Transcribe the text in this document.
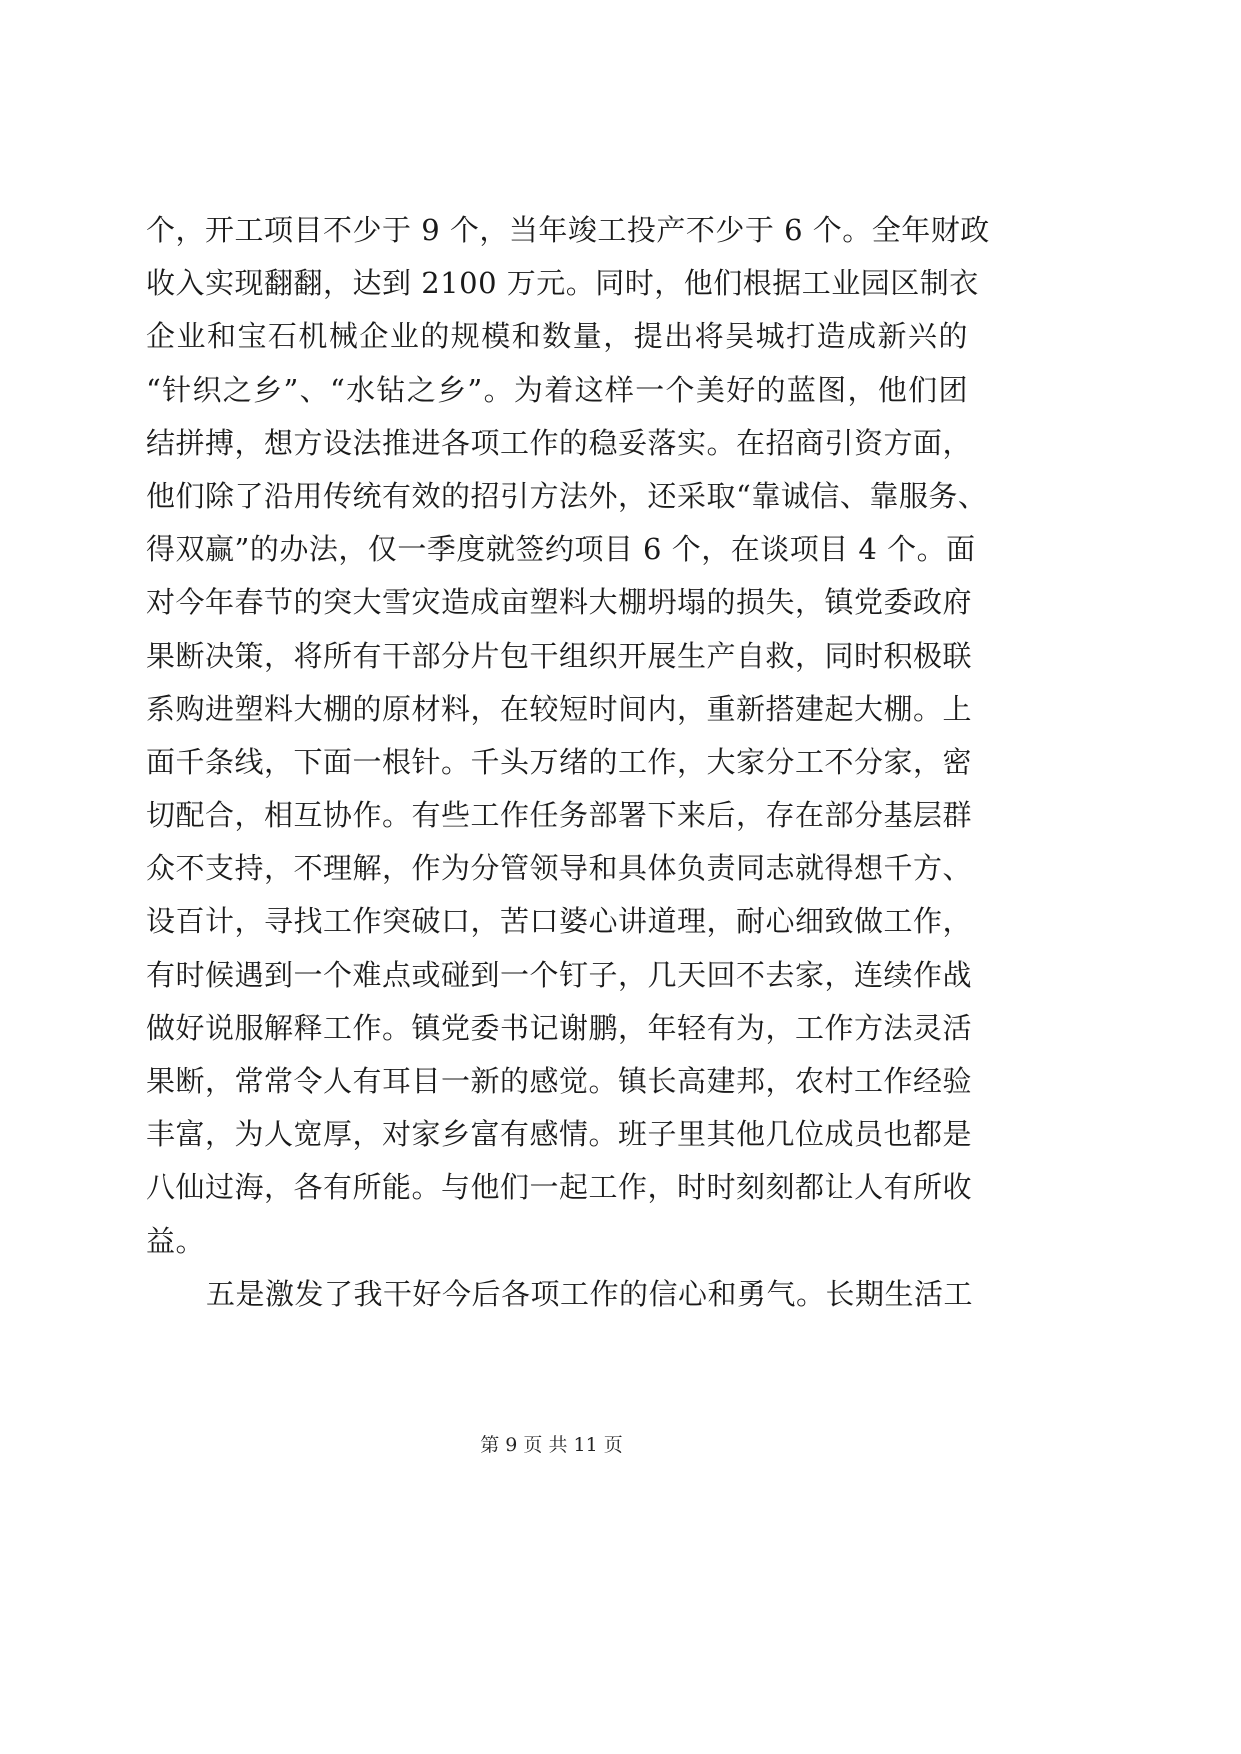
个，开工项目不少于 9 个，当年竣工投产不少于 6 个。全年财政
收入实现翻翻，达到 2100 万元。同时，他们根据工业园区制衣
企业和宝石机械企业的规模和数量，提出将吴城打造成新兴的
“针织之乡”、“水钻之乡”。为着这样一个美好的蓝图，他们团
结拼搏，想方设法推进各项工作的稳妥落实。在招商引资方面，
他们除了沿用传统有效的招引方法外，还采取“靠诚信、靠服务、
得双赢”的办法，仅一季度就签约项目 6 个，在谈项目 4 个。面
对今年春节的突大雪灾造成亩塑料大棚坍塌的损失，镇党委政府
果断决策，将所有干部分片包干组织开展生产自救，同时积极联
系购进塑料大棚的原材料，在较短时间内，重新搭建起大棚。上
面千条线，下面一根针。千头万绪的工作，大家分工不分家，密
切配合，相互协作。有些工作任务部署下来后，存在部分基层群
众不支持，不理解，作为分管领导和具体负责同志就得想千方、
设百计，寻找工作突破口，苦口婆心讲道理，耐心细致做工作，
有时候遇到一个难点或碰到一个钉子，几天回不去家，连续作战
做好说服解释工作。镇党委书记谢鹏，年轻有为，工作方法灵活
果断，常常令人有耳目一新的感觉。镇长高建邦，农村工作经验
丰富，为人宽厚，对家乡富有感情。班子里其他几位成员也都是
八仙过海，各有所能。与他们一起工作，时时刻刻都让人有所收
益。
五是激发了我干好今后各项工作的信心和勇气。长期生活工
第 9 页 共 11 页
